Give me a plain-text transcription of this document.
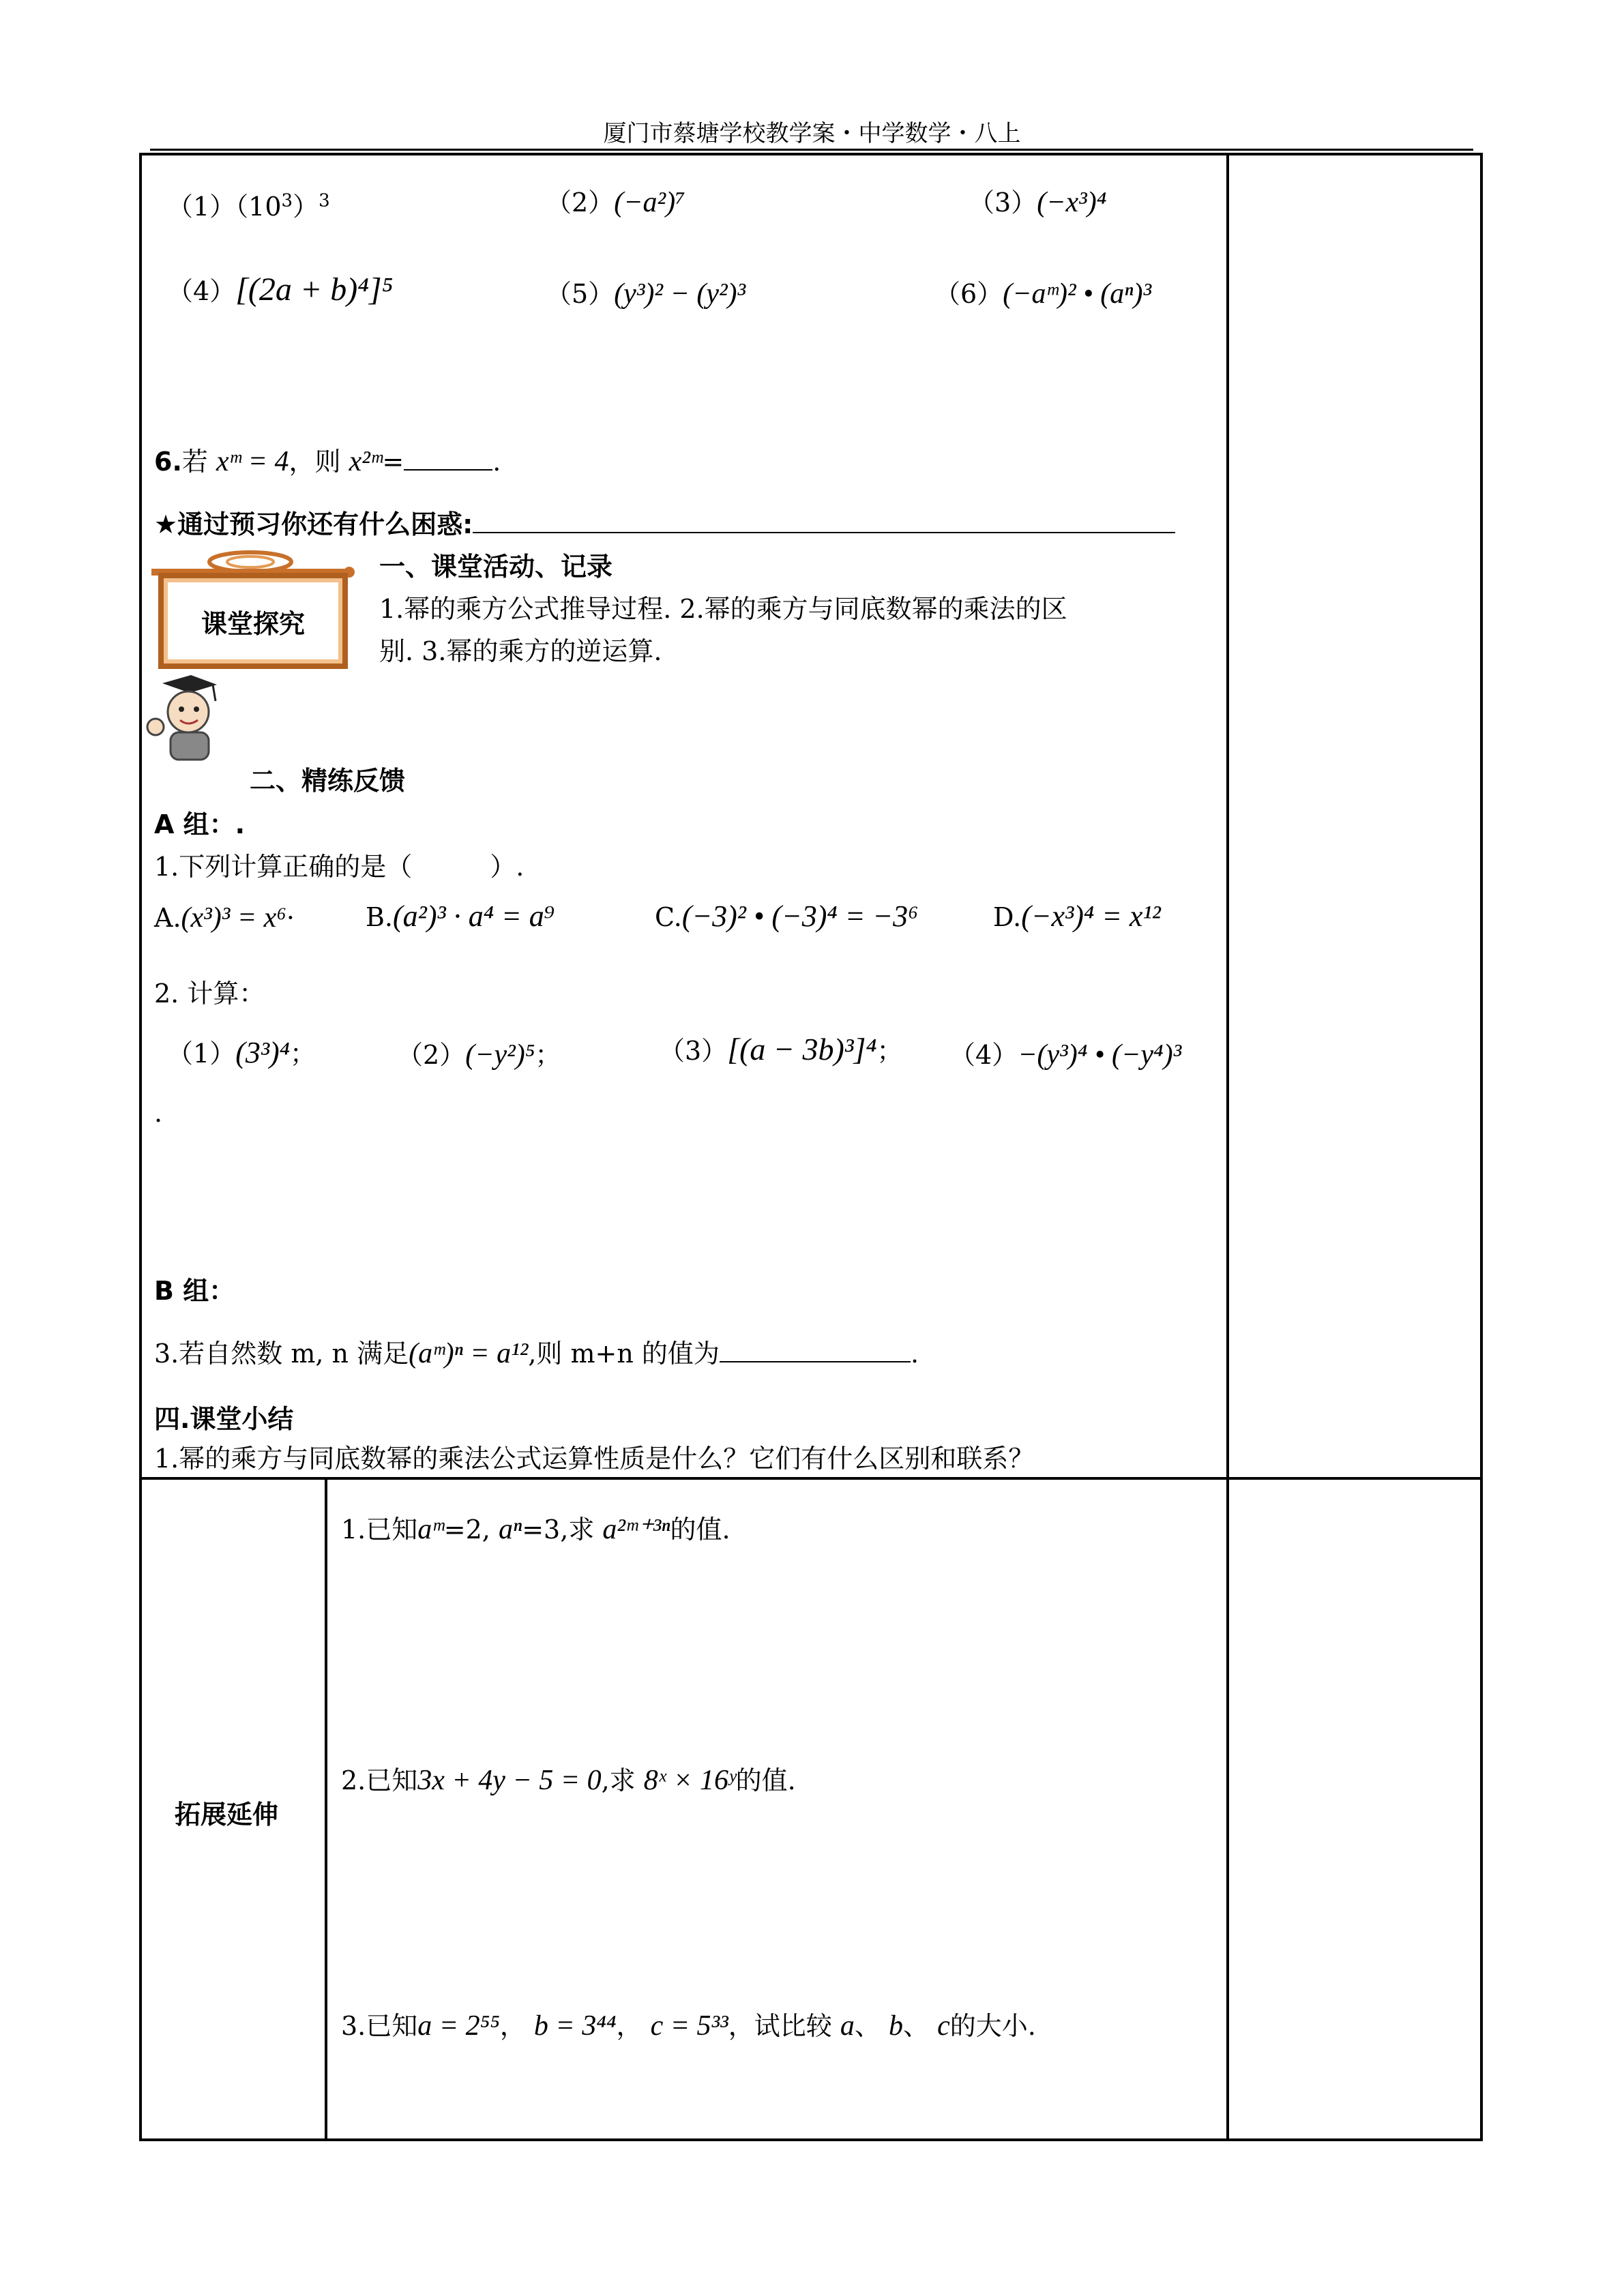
厦门市蔡塘学校教学案・中学数学・八上
$(1)(10^3)^3$	（2）(−a²)⁷	（3）(−x³)⁴
（4）[(2a + b)⁴]⁵	（5）(y³)² − (y²)³	（6）(−aᵐ)² • (aⁿ)³
6.若 xᵐ = 4，则 x²ᵐ=	.
★通过预习你还有什么困惑:
课堂探究
一、课堂活动、记录
1.幂的乘方公式推导过程. 2.幂的乘方与同底数幂的乘法的区
别. 3.幂的乘方的逆运算.
二、精练反馈
A 组：.
1.下列计算正确的是（　　　）.
A.(x³)³ = x⁶·	B.(a²)³ · a⁴ = a⁹	C.(−3)² • (−3)⁴ = −3⁶	D.(−x³)⁴ = x¹²
2. 计算：
（1）(3³)⁴；	（2）(−y²)⁵；	（3）[(a − 3b)³]⁴； （4）−(y³)⁴ • (−y⁴)³
.
B 组：
3.若自然数 m, n 满足(aᵐ)ⁿ = a¹²,则 m+n 的值为	.
四.课堂小结
1.幂的乘方与同底数幂的乘法公式运算性质是什么？它们有什么区别和联系？
拓展延伸
1.已知aᵐ=2, aⁿ=3,求 a²ᵐ⁺³ⁿ的值.
2.已知3x + 4y − 5 = 0,求 8ˣ × 16ʸ的值.
3.已知a = 2⁵⁵， b = 3⁴⁴， c = 5³³，试比较 a、 b、 c的大小.
